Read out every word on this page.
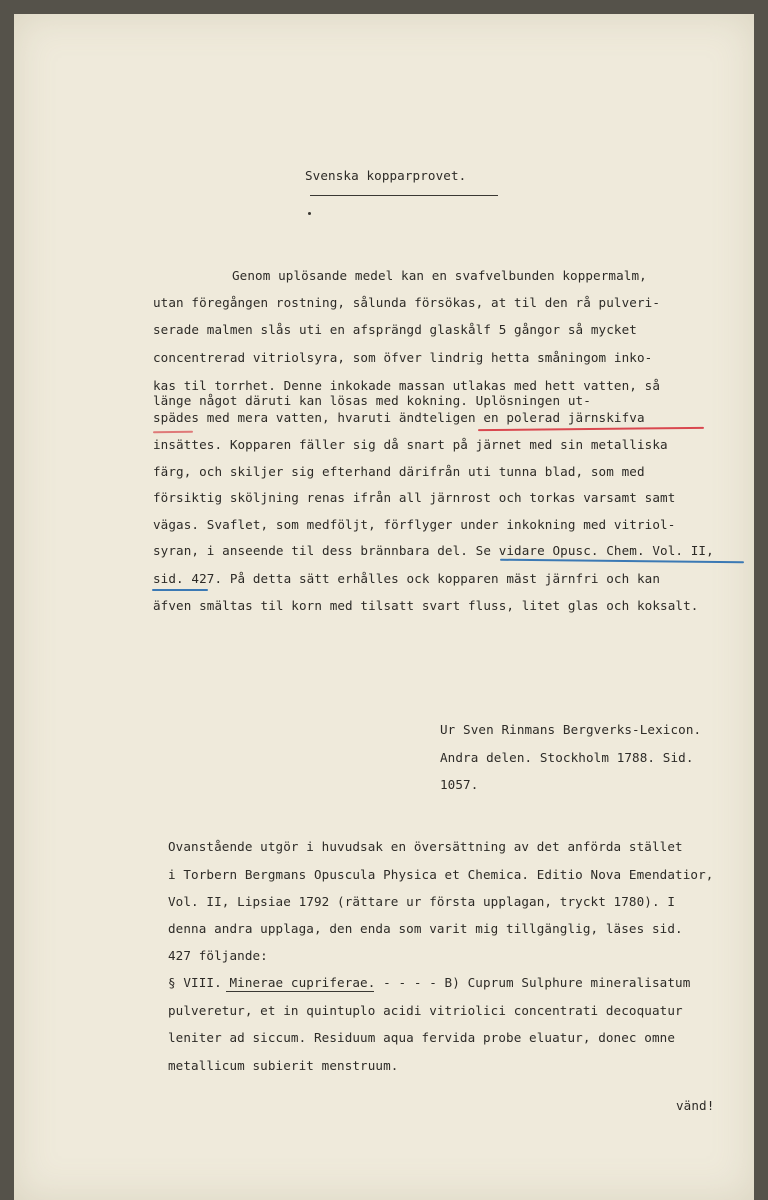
Svenska kopparprovet.
Genom uplösande medel kan en svafvelbunden koppermalm,
utan föregången rostning, sålunda försökas, at til den rå pulveri-
serade malmen slås uti en afsprängd glaskålf 5 gångor så mycket
concentrerad vitriolsyra, som öfver lindrig hetta småningom inko-
kas til torrhet. Denne inkokade massan utlakas med hett vatten, så
länge något däruti kan lösas med kokning. Uplösningen ut-
spädes med mera vatten, hvaruti ändteligen en polerad järnskifva
insättes. Kopparen fäller sig då snart på järnet med sin metalliska
färg, och skiljer sig efterhand därifrån uti tunna blad, som med
försiktig sköljning renas ifrån all järnrost och torkas varsamt samt
vägas. Svaflet, som medföljt, förflyger under inkokning med vitriol-
syran, i anseende til dess brännbara del. Se vidare Opusc. Chem. Vol. II,
sid. 427. På detta sätt erhålles ock kopparen mäst järnfri och kan
äfven smältas til korn med tilsatt svart fluss, litet glas och koksalt.
Ur Sven Rinmans Bergverks-Lexicon.
Andra delen. Stockholm 1788. Sid.
1057.
Ovanstående utgör i huvudsak en översättning av det anförda stället
i Torbern Bergmans Opuscula Physica et Chemica. Editio Nova Emendatior,
Vol. II, Lipsiae 1792 (rättare ur första upplagan, tryckt 1780). I
denna andra upplaga, den enda som varit mig tillgänglig, läses sid.
427 följande:
§ VIII. Minerae cupriferae. - - - - B) Cuprum Sulphure mineralisatum
pulveretur, et in quintuplo acidi vitriolici concentrati decoquatur
leniter ad siccum. Residuum aqua fervida probe eluatur, donec omne
metallicum subierit menstruum.
vänd!
